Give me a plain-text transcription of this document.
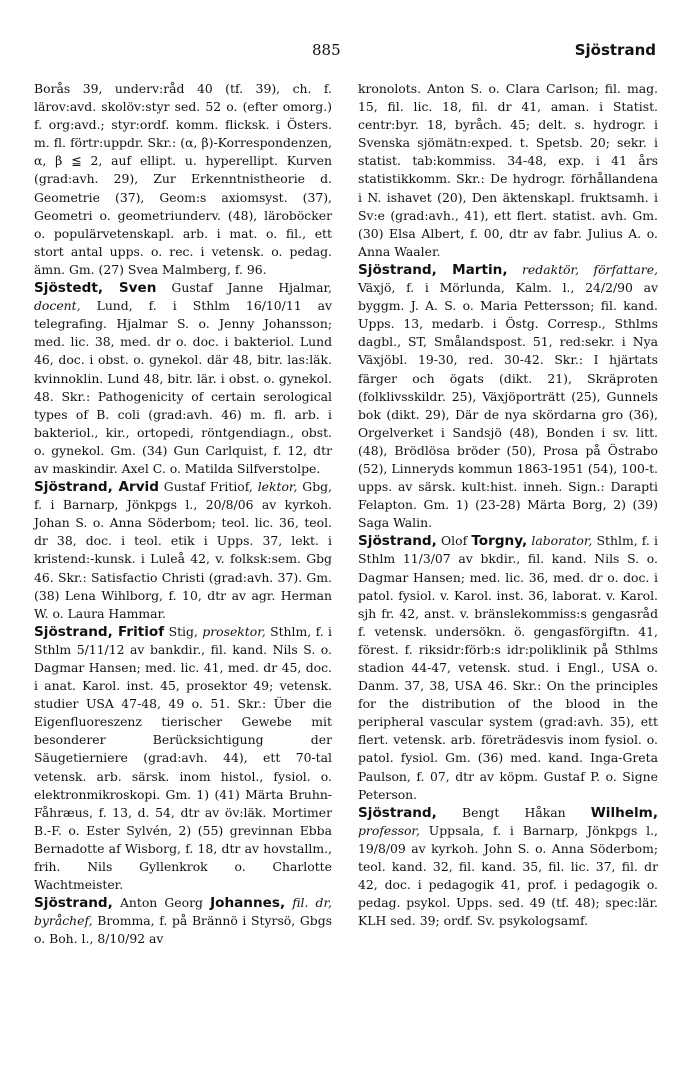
885	Sjöstrand

Borås 39, underv:råd 40 (tf. 39), ch. f. lärov:avd. skolöv:styr sed. 52 o. (efter omorg.) f. org:avd.; styr:ordf. komm. flicksk. i Östers. m. fl. förtr:uppdr. Skr.: (α, β)-Korrespondenzen, α, β ≦ 2, auf ellipt. u. hyperellipt. Kurven (grad:avh. 29), Zur Erkenntnistheorie d. Geometrie (37), Geom:s axiomsyst. (37), Geometri o. geometriunderv. (48), läroböcker o. populärvetenskapl. arb. i mat. o. fil., ett stort antal upps. o. rec. i vetensk. o. pedag. ämn. Gm. (27) Svea Malmberg, f. 96.

Sjöstedt, Sven Gustaf Janne Hjalmar, docent, Lund, f. i Sthlm 16/10/11 av telegrafing. Hjalmar S. o. Jenny Johansson; med. lic. 38, med. dr o. doc. i bakteriol. Lund 46, doc. i obst. o. gynekol. där 48, bitr. las:läk. kvinnoklin. Lund 48, bitr. lär. i obst. o. gynekol. 48. Skr.: Pathogenicity of certain serological types of B. coli (grad:avh. 46) m. fl. arb. i bakteriol., kir., ortopedi, röntgendiagn., obst. o. gynekol. Gm. (34) Gun Carlquist, f. 12, dtr av maskindir. Axel C. o. Matilda Silfverstolpe.

Sjöstrand, Arvid Gustaf Fritiof, lektor, Gbg, f. i Barnarp, Jönkpgs l., 20/8/06 av kyrkoh. Johan S. o. Anna Söderbom; teol. lic. 36, teol. dr 38, doc. i teol. etik i Upps. 37, lekt. i kristend:-kunsk. i Luleå 42, v. folksk:sem. Gbg 46. Skr.: Satisfactio Christi (grad:avh. 37). Gm. (38) Lena Wihlborg, f. 10, dtr av agr. Herman W. o. Laura Hammar.

Sjöstrand, Fritiof Stig, prosektor, Sthlm, f. i Sthlm 5/11/12 av bankdir., fil. kand. Nils S. o. Dagmar Hansen; med. lic. 41, med. dr 45, doc. i anat. Karol. inst. 45, prosektor 49; vetensk. studier USA 47-48, 49 o. 51. Skr.: Über die Eigenfluoreszenz tierischer Gewebe mit besonderer Berücksichtigung der Säugetierniere (grad:avh. 44), ett 70-tal vetensk. arb. särsk. inom histol., fysiol. o. elektronmikroskopi. Gm. 1) (41) Märta Bruhn-Fåhræus, f. 13, d. 54, dtr av öv:läk. Mortimer B.-F. o. Ester Sylvén, 2) (55) grevinnan Ebba Bernadotte af Wisborg, f. 18, dtr av hovstallm., frih. Nils Gyllenkrok o. Charlotte Wachtmeister.

Sjöstrand, Anton Georg Johannes, fil. dr, byråchef, Bromma, f. på Brännö i Styrsö, Gbgs o. Boh. l., 8/10/92 av

kronolots. Anton S. o. Clara Carlson; fil. mag. 15, fil. lic. 18, fil. dr 41, aman. i Statist. centr:byr. 18, byråch. 45; delt. s. hydrogr. i Svenska sjömätn:exped. t. Spetsb. 20; sekr. i statist. tab:kommiss. 34-48, exp. i 41 års statistikkomm. Skr.: De hydrogr. förhållandena i N. ishavet (20), Den äktenskapl. fruktsamh. i Sv:e (grad:avh., 41), ett flert. statist. avh. Gm. (30) Elsa Albert, f. 00, dtr av fabr. Julius A. o. Anna Waaler.

Sjöstrand, Martin, redaktör, författare, Växjö, f. i Mörlunda, Kalm. l., 24/2/90 av byggm. J. A. S. o. Maria Pettersson; fil. kand. Upps. 13, medarb. i Östg. Corresp., Sthlms dagbl., ST, Smålandspost. 51, red:sekr. i Nya Växjöbl. 19-30, red. 30-42. Skr.: I hjärtats färger och ögats (dikt. 21), Skräproten (folklivsskildr. 25), Växjöporträtt (25), Gunnels bok (dikt. 29), Där de nya skördarna gro (36), Orgelverket i Sandsjö (48), Bonden i sv. litt. (48), Brödlösa bröder (50), Prosa på Östrabo (52), Linneryds kommun 1863-1951 (54), 100-t. upps. av särsk. kult:hist. inneh. Sign.: Darapti Felapton. Gm. 1) (23-28) Märta Borg, 2) (39) Saga Walin.

Sjöstrand, Olof Torgny, laborator, Sthlm, f. i Sthlm 11/3/07 av bkdir., fil. kand. Nils S. o. Dagmar Hansen; med. lic. 36, med. dr o. doc. i patol. fysiol. v. Karol. inst. 36, laborat. v. Karol. sjh fr. 42, anst. v. bränslekommiss:s gengasråd f. vetensk. undersökn. ö. gengasförgiftn. 41, förest. f. riksidr:förb:s idr:poliklinik på Sthlms stadion 44-47, vetensk. stud. i Engl., USA o. Danm. 37, 38, USA 46. Skr.: On the principles for the distribution of the blood in the peripheral vascular system (grad:avh. 35), ett flert. vetensk. arb. företrädesvis inom fysiol. o. patol. fysiol. Gm. (36) med. kand. Inga-Greta Paulson, f. 07, dtr av köpm. Gustaf P. o. Signe Peterson.

Sjöstrand, Bengt Håkan Wilhelm, professor, Uppsala, f. i Barnarp, Jönkpgs l., 19/8/09 av kyrkoh. John S. o. Anna Söderbom; teol. kand. 32, fil. kand. 35, fil. lic. 37, fil. dr 42, doc. i pedagogik 41, prof. i pedagogik o. pedag. psykol. Upps. sed. 49 (tf. 48); spec:lär. KLH sed. 39; ordf. Sv. psykologsamf.
